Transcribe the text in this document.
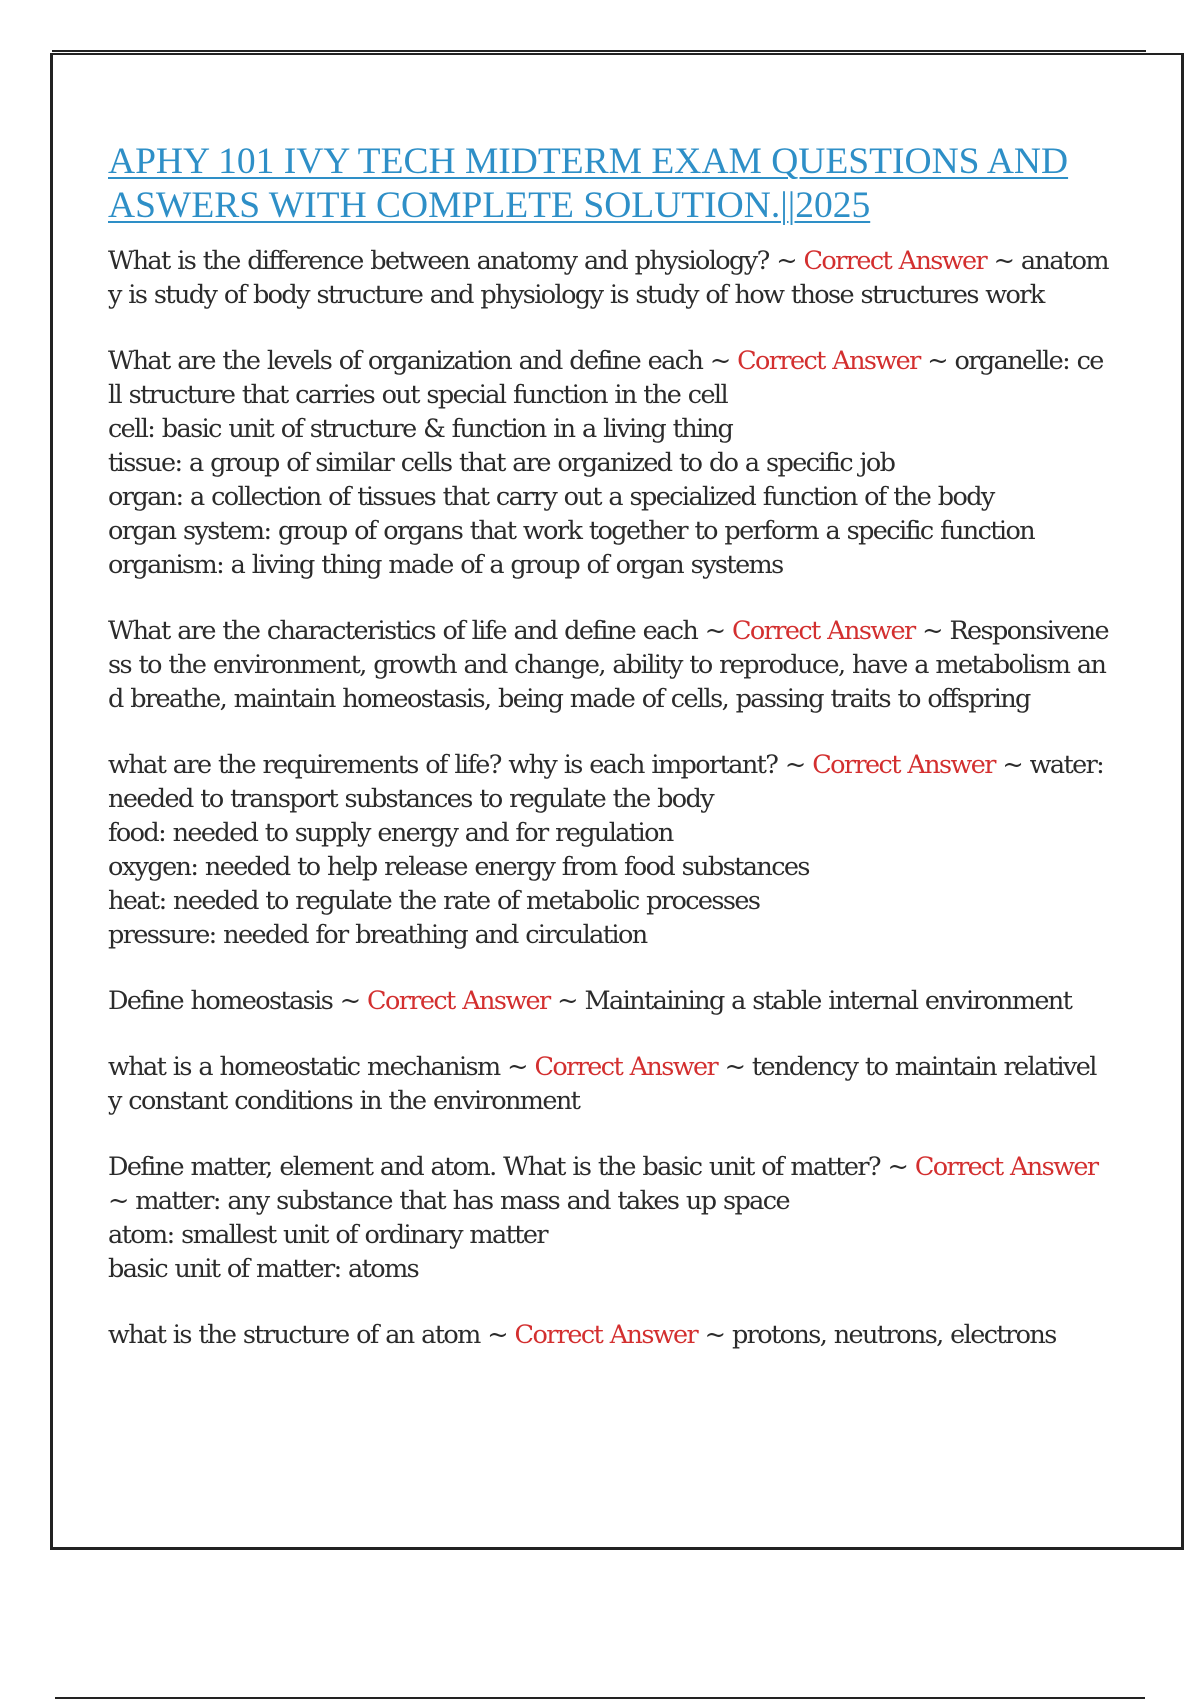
APHY 101 IVY TECH MIDTERM EXAM QUESTIONS AND ASWERS WITH COMPLETE SOLUTION.||2025
What is the difference between anatomy and physiology? ~ Correct Answer ~ anatomy is study of body structure and physiology is study of how those structures work
What are the levels of organization and define each ~ Correct Answer ~ organelle: cell structure that carries out special function in the cell
cell: basic unit of structure & function in a living thing
tissue: a group of similar cells that are organized to do a specific job
organ: a collection of tissues that carry out a specialized function of the body
organ system: group of organs that work together to perform a specific function
organism: a living thing made of a group of organ systems
What are the characteristics of life and define each ~ Correct Answer ~ Responsiveness to the environment, growth and change, ability to reproduce, have a metabolism and breathe, maintain homeostasis, being made of cells, passing traits to offspring
what are the requirements of life? why is each important? ~ Correct Answer ~ water: needed to transport substances to regulate the body
food: needed to supply energy and for regulation
oxygen: needed to help release energy from food substances
heat: needed to regulate the rate of metabolic processes
pressure: needed for breathing and circulation
Define homeostasis ~ Correct Answer ~ Maintaining a stable internal environment
what is a homeostatic mechanism ~ Correct Answer ~ tendency to maintain relatively constant conditions in the environment
Define matter, element and atom. What is the basic unit of matter? ~ Correct Answer ~ matter: any substance that has mass and takes up space
atom: smallest unit of ordinary matter
basic unit of matter: atoms
what is the structure of an atom ~ Correct Answer ~ protons, neutrons, electrons
